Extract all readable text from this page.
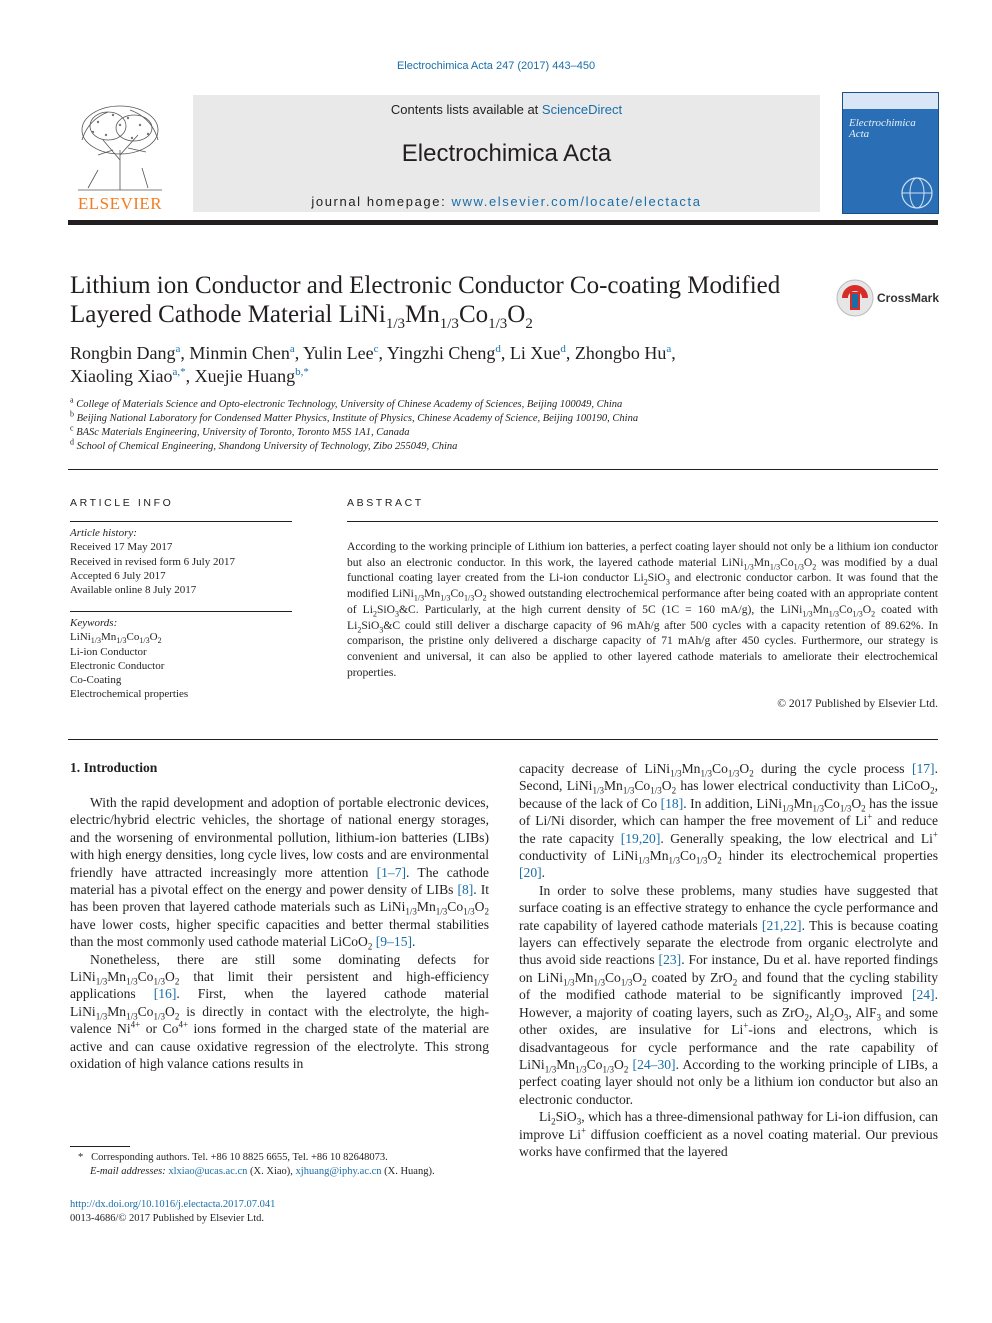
Electrochimica Acta 247 (2017) 443–450
ELSEVIER
Contents lists available at ScienceDirect
Electrochimica Acta
journal homepage: www.elsevier.com/locate/electacta
Electrochimica Acta
Lithium ion Conductor and Electronic Conductor Co-coating Modified
Layered Cathode Material $LiNi_{1/3}Mn_{1/3}Co_{1/3}O_2$
CrossMark
Rongbin Dang$^a$, Minmin Chen$^a$, Yulin Lee$^c$, Yingzhi Cheng$^d$, Li Xue$^d$, Zhongbo Hu$^a$,
Xiaoling Xiao$^{a,*}$, Xuejie Huang$^{b,*}$
$^a$ College of Materials Science and Opto-electronic Technology, University of Chinese Academy of Sciences, Beijing 100049, China
$^b$ Beijing National Laboratory for Condensed Matter Physics, Institute of Physics, Chinese Academy of Science, Beijing 100190, China
$^c$ BASc Materials Engineering, University of Toronto, Toronto M5S 1A1, Canada
$^d$ School of Chemical Engineering, Shandong University of Technology, Zibo 255049, China
ARTICLE INFO
Article history:
Received 17 May 2017
Received in revised form 6 July 2017
Accepted 6 July 2017
Available online 8 July 2017
Keywords:
$LiNi_{1/3}Mn_{1/3}Co_{1/3}O_2$
Li-ion Conductor
Electronic Conductor
Co-Coating
Electrochemical properties
ABSTRACT
According to the working principle of Lithium ion batteries, a perfect coating layer should not only be a lithium ion conductor but also an electronic conductor. In this work, the layered cathode material $LiNi_{1/3}Mn_{1/3}Co_{1/3}O_2$ was modified by a dual functional coating layer created from the Li-ion conductor $Li_2SiO_3$ and electronic conductor carbon. It was found that the modified $LiNi_{1/3}Mn_{1/3}Co_{1/3}O_2$ showed outstanding electrochemical performance after being coated with an appropriate content of $Li_2SiO_3\&C$. Particularly, at the high current density of 5C (1C = 160 mA/g), the $LiNi_{1/3}Mn_{1/3}Co_{1/3}O_2$ coated with $Li_2SiO_3\&C$ could still deliver a discharge capacity of 96 mAh/g after 500 cycles with a capacity retention of 89.62%. In comparison, the pristine only delivered a discharge capacity of 71 mAh/g after 450 cycles. Furthermore, our strategy is convenient and universal, it can also be applied to other layered cathode materials to ameliorate their electrochemical properties.
© 2017 Published by Elsevier Ltd.
1. Introduction

With the rapid development and adoption of portable electronic devices, electric/hybrid electric vehicles, the shortage of national energy storages, and the worsening of environmental pollution, lithium-ion batteries (LIBs) with high energy densities, long cycle lives, low costs and are environmental friendly have attracted increasingly more attention [1–7]. The cathode material has a pivotal effect on the energy and power density of LIBs [8]. It has been proven that layered cathode materials such as $LiNi_{1/3}Mn_{1/3}Co_{1/3}O_2$ have lower costs, higher specific capacities and better thermal stabilities than the most commonly used cathode material LiCoO$_2$ [9–15].

Nonetheless, there are still some dominating defects for $LiNi_{1/3}Mn_{1/3}Co_{1/3}O_2$ that limit their persistent and high-efficiency applications [16]. First, when the layered cathode material $LiNi_{1/3}Mn_{1/3}Co_{1/3}O_2$ is directly in contact with the electrolyte, the high-valence $Ni^{4+}$ or $Co^{4+}$ ions formed in the charged state of the material are active and can cause oxidative regression of the electrolyte. This strong oxidation of high valance cations results in

capacity decrease of $LiNi_{1/3}Mn_{1/3}Co_{1/3}O_2$ during the cycle process [17]. Second, $LiNi_{1/3}Mn_{1/3}Co_{1/3}O_2$ has lower electrical conductivity than LiCoO$_2$, because of the lack of Co [18]. In addition, $LiNi_{1/3}Mn_{1/3}Co_{1/3}O_2$ has the issue of Li/Ni disorder, which can hamper the free movement of Li+ and reduce the rate capacity [19,20]. Generally speaking, the low electrical and Li+ conductivity of $LiNi_{1/3}Mn_{1/3}Co_{1/3}O_2$ hinder its electrochemical properties [20].

In order to solve these problems, many studies have suggested that surface coating is an effective strategy to enhance the cycle performance and rate capability of layered cathode materials [21,22]. This is because coating layers can effectively separate the electrode from organic electrolyte and thus avoid side reactions [23]. For instance, Du et al. have reported findings on $LiNi_{1/3}Mn_{1/3}Co_{1/3}O_2$ coated by ZrO$_2$ and found that the cycling stability of the modified cathode material to be significantly improved [24]. However, a majority of coating layers, such as ZrO$_2$, $Al_2O_3$, AlF$_3$ and some other oxides, are insulative for Li+-ions and electrons, which is disadvantageous for cycle performance and the rate capability of $LiNi_{1/3}Mn_{1/3}Co_{1/3}O_2$ [24–30]. According to the working principle of LIBs, a perfect coating layer should not only be a lithium ion conductor but also an electronic conductor.

$Li_2SiO_3$, which has a three-dimensional pathway for Li-ion diffusion, can improve Li+ diffusion coefficient as a novel coating material. Our previous works have confirmed that the layered

* Corresponding authors. Tel. +86 10 8825 6655, Tel. +86 10 82648073.
E-mail addresses: xlxiao@ucas.ac.cn (X. Xiao), xjhuang@iphy.ac.cn (X. Huang).
http://dx.doi.org/10.1016/j.electacta.2017.07.041
0013-4686/© 2017 Published by Elsevier Ltd.
